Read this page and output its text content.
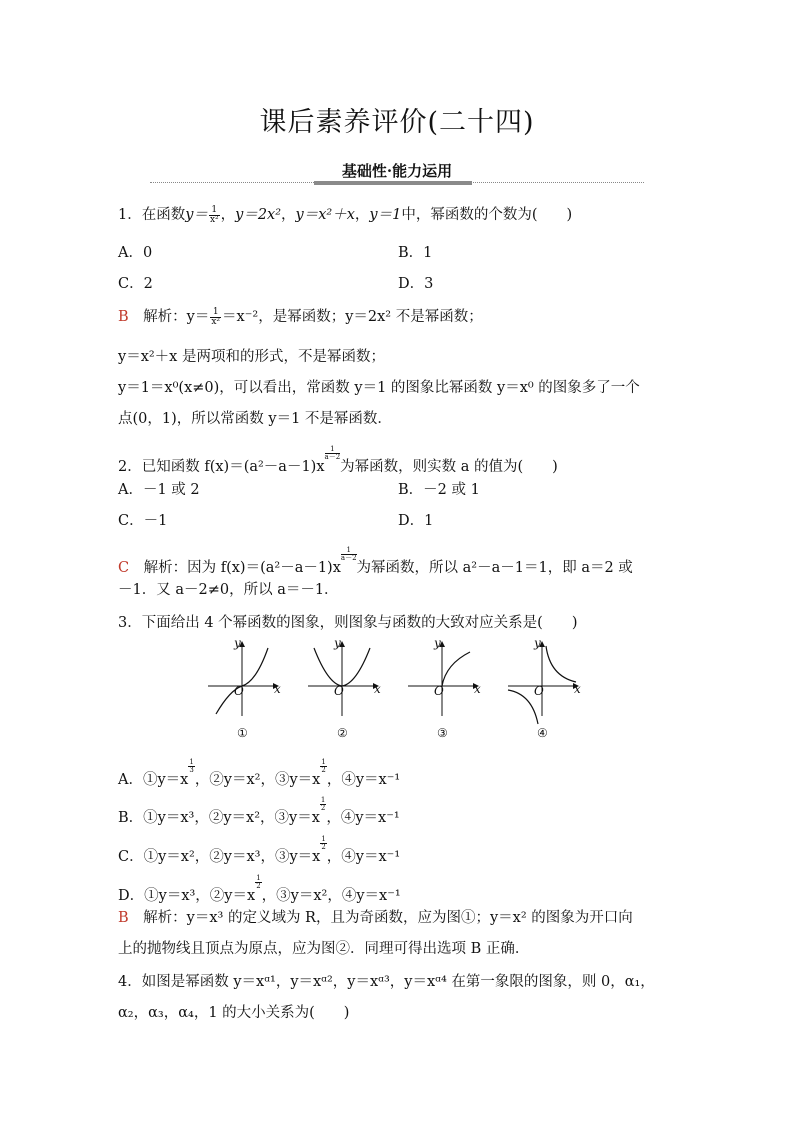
课后素养评价(二十四)
基础性·能力运用
1．在函数$y= \frac{1}{\text{x²}}$ ，y＝2x²，y＝x²＋x，y＝1中，幂函数的个数为(　　)
A．0	B．1
C．2	D．3
B　 解析：$y= \frac{1}{\text{x²}} =x^{-2}$，是幂函数；y＝2x² 不是幂函数；
y＝x²＋x 是两项和的形式，不是幂函数；
y＝1＝x⁰(x≠0)，可以看出，常函数 y＝1 的图象比幂函数 y＝x⁰ 的图象多了一个
点(0，1)，所以常函数 y＝1 不是幂函数．
2．已知函数 f(x)＝(a²－a－1)x
$\frac{1}{a-2}$
为幂函数，则实数 a 的值为(　　)
A．－1 或 2	B．－2 或 1
C．－1	D．1
C　 解析：因为 f(x)＝(a²－a－1)x
$\frac{1}{a-2}$
为幂函数，所以 a²－a－1＝1，即 a＝2 或
－1．又 a－2≠0，所以 a＝－1．
3．下面给出 4 个幂函数的图象，则图象与函数的大致对应关系是(　　)
y
x
O
y
x
O
y
x
O
y
x
O
①	②	③	④
A．①y＝x
$\frac{1}{3}$
，②y＝x²，③y＝x
$\frac{1}{2}$
，④y＝x⁻¹
B．①y＝x³，②y＝x²，③y＝x
$\frac{1}{2}$
，④y＝x⁻¹
C．①y＝x²，②y＝x³，③y＝x
$\frac{1}{2}$
，④y＝x⁻¹
D．①y＝x³，②y＝x
$\frac{1}{2}$
，③y＝x²，④y＝x⁻¹
B　 解析：y＝x³ 的定义域为 R，且为奇函数，应为图①；y＝x² 的图象为开口向
上的抛物线且顶点为原点，应为图②．同理可得出选项 B 正确．
4．如图是幂函数 y＝xᵅ¹，y＝xᵅ²，y＝xᵅ³，y＝xᵅ⁴ 在第一象限的图象，则 0，α₁，
α₂，α₃，α₄，1 的大小关系为(　　)
